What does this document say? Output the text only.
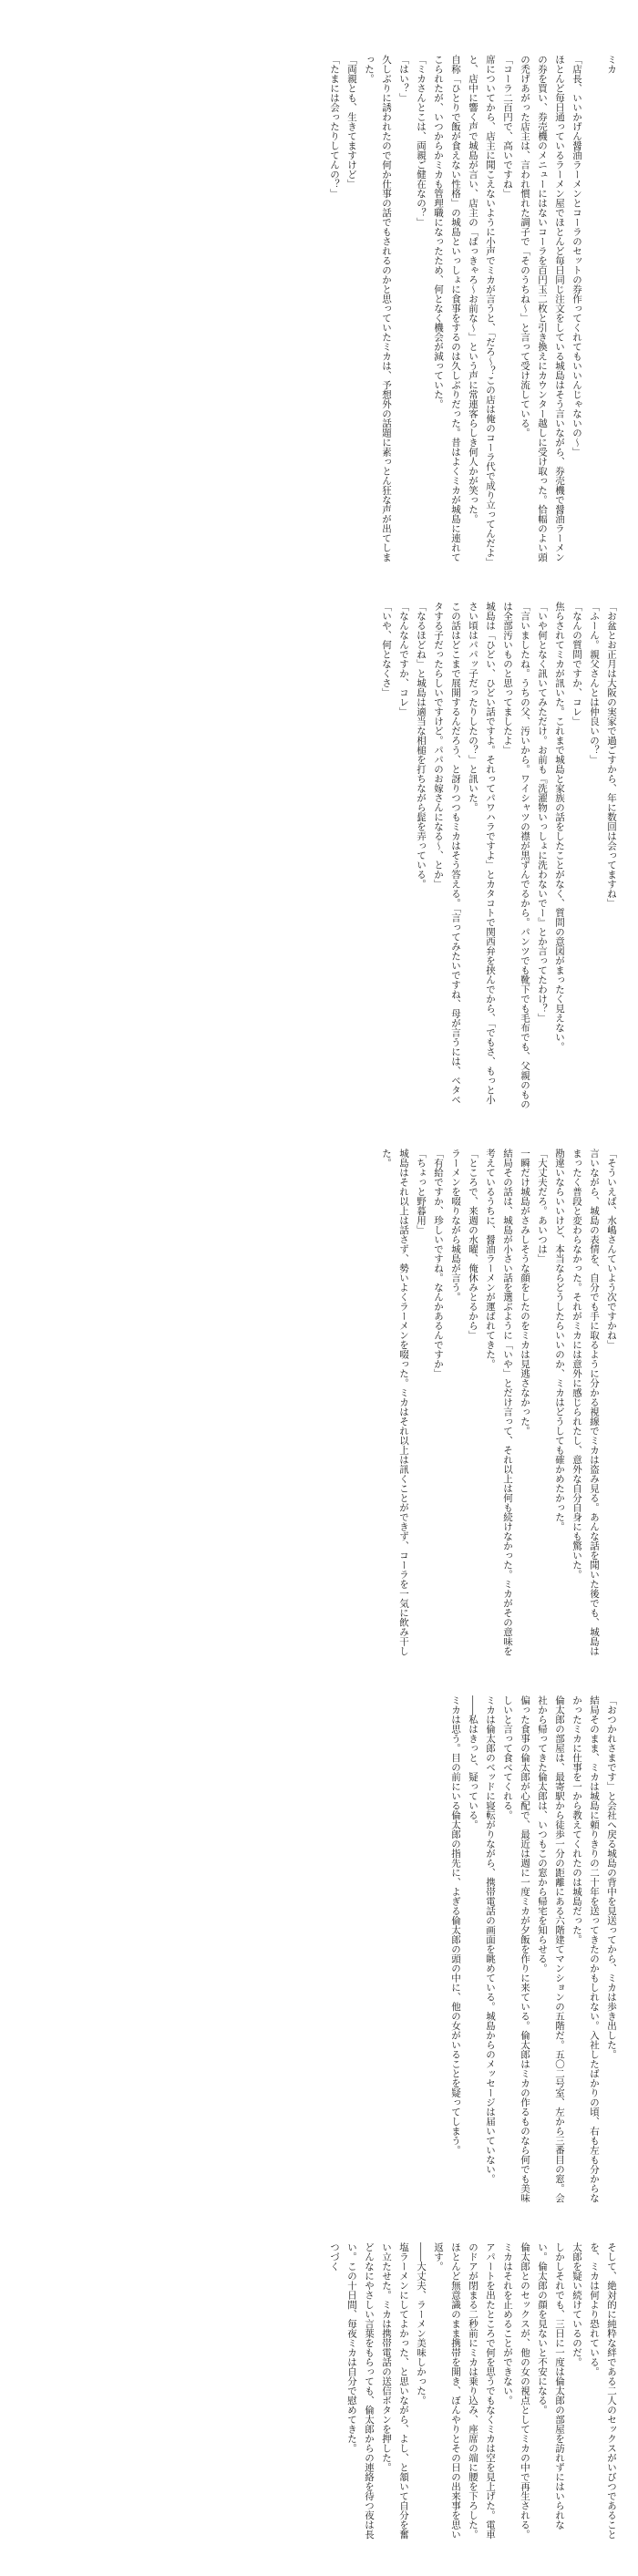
ミカ

「店長、いいかげん醤油ラーメンとコーラのセットの券作ってくれてもいいんじゃないの～」

ほとんど毎日通っているラーメン屋でほとんど毎日同じ注文をしている城島はそう言いながら、券売機で醤油ラーメンの券を買い、券売機のメニューにはないコーラを百円玉二枚と引き換えにカウンター越しに受け取った。恰幅のよい頭の禿げあがった店主は、言われ慣れた調子で「そのうちね～」と言って受け流している。

「コーラ二百円で、高いですね」

席についてから、店主に聞こえないように小声でミカが言うと、「だろ～？この店は俺のコーラ代で成り立ってんだよ」と、店中に響く声で城島が言い、店主の「ぱっきゃろ～お前な～」という声に常連客らしき何人かが笑った。

自称「ひとりで飯が食えない性格」の城島といっしょに食事をするのは久しぶりだった。昔はよくミカが城島に連れてこられたが、いつからかミカも管理職になったため、何となく機会が減っていた。

「ミカさんとこは、両親ご健在なの？」

「はい？」

久しぶりに誘われたので何か仕事の話でもされるのかと思っていたミカは、予想外の話題に素っとん狂な声が出てしまった。

「両親とも、生きてますけど」

「たまには会ったりしてんの？」

「お盆とお正月は大阪の実家で過ごすから、年に数回は会ってますね」

「ふーん。親父さんとは仲良いの？」

「なんの質問ですか、コレ」

焦らされてミカが訊いた。これまで城島と家族の話をしたことがなく、質問の意図がまったく見えない。

「いや何となく訊いてみただけ。お前も『洗濯物いっしょに洗わないでー』とか言ってたわけ？」

「言いましたね。うちの父、汚いから。ワイシャツの襟が黒ずんでるから。パンツでも靴下でも毛布でも、父親のものは全部汚いものと思ってましたよ」

城島は「ひどい、ひどい話ですよ。それってパワハラですよ」とカタコトで関西弁を挟んでから、「でもさ、もっと小さい頃はパパッ子だったりしたの？」と訊いた。

この話はどこまで展開するんだろう、と訝りつつもミカはそう答える。「言ってみたいですね、母が言うには、ベタベタする子だったらしいですけど。パパのお嫁さんになる～、とか」

「なるほどね」と城島は適当な相槌を打ちながら髭を弄っている。

「なんなんですか、コレ」

「いや、何となくさ」

「そういえば、水嶋さんていよう次ですかね」

言いながら、城島の表情を、自分でも手に取るように分かる視線でミカは盗み見る。あんな話を聞いた後でも、城島はまったく普段と変わらなかった。それがミカには意外に感じられたし、意外な自分自身にも驚いた。

勘違いならいいけど、本当ならどうしたらいいのか、ミカはどうしても確かめたかった。

「大丈夫だろ。あいつは」

一瞬だけ城島がさみしそうな顔をしたのをミカは見逃さなかった。

結局その話は、城島が小さい話を選ぶように「いや」とだけ言って、それ以上は何も続けなかった。ミカがその意味を考えているうちに、醤油ラーメンが運ばれてきた。

「ところで、来週の水曜、俺休みとるから」

ラーメンを啜りながら城島が言う。

「有給ですか、珍しいですね。なんかあるんですか」

「ちょっと野暮用」

城島はそれ以上は話さず、勢いよくラーメンを啜った。ミカはそれ以上は訊くことができず、コーラを一気に飲み干した。

「おつかれさまです」と会社へ戻る城島の背中を見送ってから、ミカは歩き出した。

結局そのまま、ミカは城島に頼りきりの二十年を送ってきたのかもしれない。入社したばかりの頃、右も左も分からなかったミカに仕事を一から教えてくれたのは城島だった。

倫太郎の部屋は、最寄駅から徒歩一分の距離にある六階建てマンションの五階だ。五〇二号室、左から三番目の窓。会社から帰ってきた倫太郎は、いつもこの窓から帰宅を知らせる。

偏った食事の倫太郎が心配で、最近は週に一度ミカが夕飯を作りに来ている。倫太郎はミカの作るものなら何でも美味しいと言って食べてくれる。

ミカは倫太郎のベッドに寝転がりながら、携帯電話の画面を眺めている。城島からのメッセージは届いていない。

――私はきっと、疑っている。

ミカは思う。目の前にいる倫太郎の指先に、よぎる倫太郎の頭の中に、他の女がいることを疑ってしまう。

そして、絶対的に純粋な絆である二人のセックスがいびつであることを、ミカは何より恐れている。

太郎を疑い続けているのだ。

しかしそれでも、三日に一度は倫太郎の部屋を訪れずにはいられない。倫太郎の顔を見ないと不安になる。

倫太郎とのセックスが、他の女の視点としてミカの中で再生される。ミカはそれを止めることができない。

アパートを出たところで何を思うでもなくミカは空を見上げた。電車のドアが閉まる二秒前にミカは乗り込み、座席の端に腰を下ろした。

ほとんど無意識のまま携帯を開き、ぼんやりとその日の出来事を思い返す。

――大丈夫、ラーメン美味しかった。

塩ラーメンにしてよかった、と思いながら、よし、と頷いて自分を奮い立たせた。ミカは携帯電話の送信ボタンを押した。

どんなにやさしい言葉をもらっても、倫太郎からの連絡を待つ夜は長い。この十日間、毎夜ミカは自分で慰めてきた。

つづく
